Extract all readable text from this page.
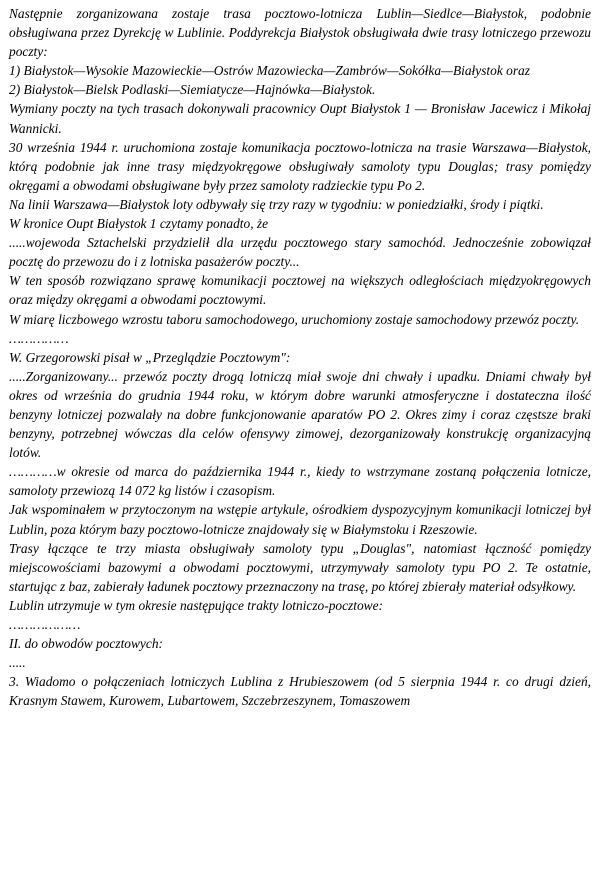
Następnie zorganizowana zostaje trasa pocztowo-lotnicza Lublin—Siedlce—Białystok, podobnie obsługiwana przez Dyrekcję w Lublinie. Poddyrekcja Białystok obsługiwała dwie trasy lotniczego przewozu poczty:

1) Białystok—Wysokie Mazowieckie—Ostrów Mazowiecka—Zambrów—Sokółka—Białystok oraz

2) Białystok—Bielsk Podlaski—Siemiatycze—Hajnówka—Białystok.

Wymiany poczty na tych trasach dokonywali pracownicy Oupt Białystok 1 — Bronisław Jacewicz i Mikołaj Wannicki.

30 września 1944 r. uruchomiona zostaje komunikacja pocztowo-lotnicza na trasie Warszawa—Białystok, którą podobnie jak inne trasy międzyokręgowe obsługiwały samoloty typu Douglas; trasy pomiędzy okręgami a obwodami obsługiwane były przez samoloty radzieckie typu Po 2.

Na linii Warszawa—Białystok loty odbywały się trzy razy w tygodniu: w poniedziałki, środy i piątki.

W kronice Oupt Białystok 1 czytamy ponadto, że

.....wojewoda Sztachelski przydzielił dla urzędu pocztowego stary samochód. Jednocześnie zobowiązał pocztę do przewozu do i z lotniska pasażerów poczty...

W ten sposób rozwiązano sprawę komunikacji pocztowej na większych odległościach międzyokręgowych oraz między okręgami a obwodami pocztowymi.

W miarę liczbowego wzrostu taboru samochodowego, uruchomiony zostaje samochodowy przewóz poczty.

……………

W. Grzegorowski pisał w „Przeglądzie Pocztowym":

.....Zorganizowany... przewóz poczty drogą lotniczą miał swoje dni chwały i upadku. Dniami chwały był okres od września do grudnia 1944 roku, w którym dobre warunki atmosferyczne i dostateczna ilość benzyny lotniczej pozwalały na dobre funkcjonowanie aparatów PO 2. Okres zimy i coraz częstsze braki benzyny, potrzebnej wówczas dla celów ofensywy zimowej, dezorganizowały konstrukcję organizacyjną lotów.

…………w okresie od marca do października 1944 r., kiedy to wstrzymane zostaną połączenia lotnicze, samoloty przewiozą 14 072 kg listów i czasopism.

Jak wspominałem w przytoczonym na wstępie artykule, ośrodkiem dyspozycyjnym komunikacji lotniczej był Lublin, poza którym bazy pocztowo-lotnicze znajdowały się w Białymstoku i Rzeszowie.

Trasy łączące te trzy miasta obsługiwały samoloty typu „Douglas", natomiast łączność pomiędzy miejscowościami bazowymi a obwodami pocztowymi, utrzymywały samoloty typu PO 2. Te ostatnie, startując z baz, zabierały ładunek pocztowy przeznaczony na trasę, po której zbierały materiał odsyłkowy.

Lublin utrzymuje w tym okresie następujące trakty lotniczo-pocztowe:

………………

II. do obwodów pocztowych:

.....

3. Wiadomo o połączeniach lotniczych Lublina z Hrubieszowem (od 5 sierpnia 1944 r. co drugi dzień, Krasnym Stawem, Kurowem, Lubartowem, Szczebrzeszynem, Tomaszowem
